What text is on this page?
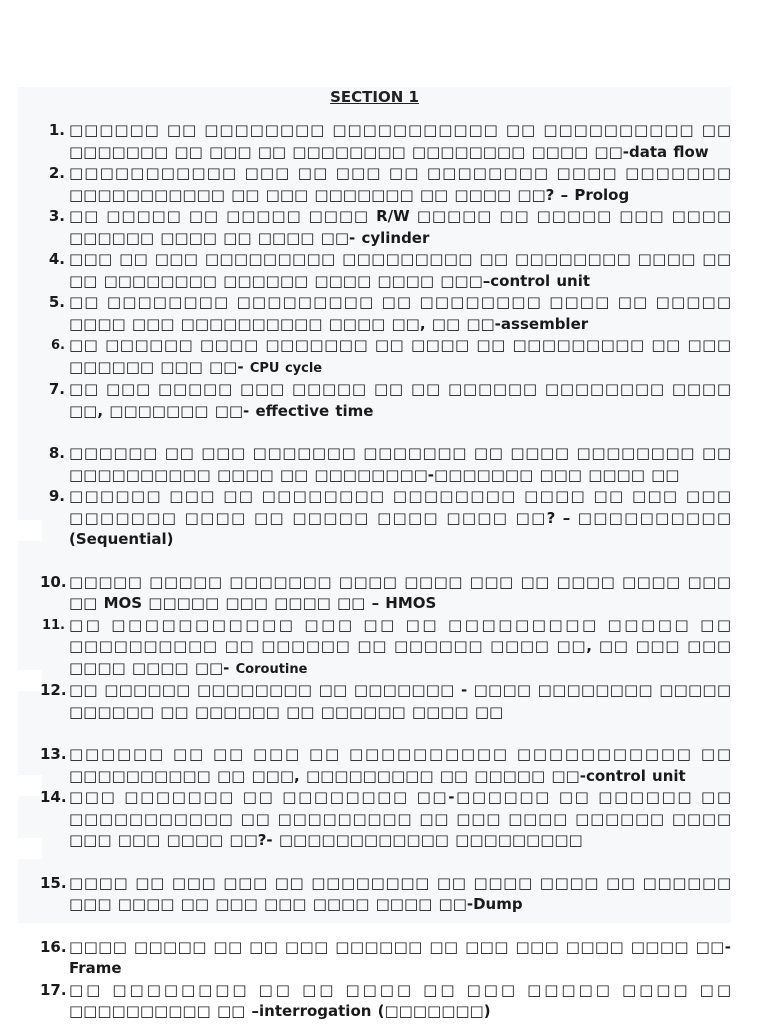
SECTION 1
1. □□□□□□ □□ □□□□□□□□ □□□□□□□□□□□ □□ □□□□□□□□□□ □□ □□□□□□□ □□ □□□ □□ □□□□□□□□ □□□□□□□□ □□□□ □□-data flow
2. □□□□□□□□□□□ □□□ □□ □□□ □□ □□□□□□□□ □□□□ □□□□□□□ □□□□□□□□□□□ □□ □□□ □□□□□□□ □□ □□□□ □□? – Prolog
3. □□ □□□□□ □□ □□□□□ □□□□ R/W □□□□□ □□ □□□□□ □□□ □□□□ □□□□□□ □□□□ □□ □□□□ □□- cylinder
4. □□□ □□ □□□ □□□□□□□□□ □□□□□□□□□ □□ □□□□□□□□ □□□□ □□ □□ □□□□□□□□ □□□□□□ □□□□ □□□□ □□□–control unit
5. □□ □□□□□□□□ □□□□□□□□□ □□ □□□□□□□□ □□□□ □□ □□□□□ □□□□ □□□ □□□□□□□□□□ □□□□ □□, □□ □□-assembler
6. □□ □□□□□□ □□□□ □□□□□□□ □□ □□□□ □□ □□□□□□□□□ □□ □□□ □□□□□□ □□□ □□- CPU cycle
7. □□ □□□ □□□□□ □□□ □□□□□ □□ □□ □□□□□□ □□□□□□□□ □□□□ □□, □□□□□□□ □□- effective time
8. □□□□□□ □□ □□□ □□□□□□□ □□□□□□□ □□ □□□□ □□□□□□□□ □□ □□□□□□□□□□ □□□□ □□ □□□□□□□□-□□□□□□□ □□□ □□□□ □□
9. □□□□□□ □□□ □□ □□□□□□□□ □□□□□□□□ □□□□ □□ □□□ □□□ □□□□□□□ □□□□ □□ □□□□□ □□□□ □□□□ □□? – □□□□□□□□□□ (Sequential)
10. □□□□□ □□□□□ □□□□□□□ □□□□ □□□□ □□□ □□ □□□□ □□□□ □□□ □□ MOS □□□□□ □□□ □□□□ □□ – HMOS
11. □□ □□□□□□□□□□□ □□□ □□ □□ □□□□□□□□□ □□□□□ □□ □□□□□□□□□□ □□ □□□□□□ □□ □□□□□□ □□□□ □□, □□ □□□ □□□ □□□□ □□□□ □□- Coroutine
12. □□ □□□□□□ □□□□□□□□ □□ □□□□□□□ - □□□□ □□□□□□□□ □□□□□ □□□□□□ □□ □□□□□□ □□ □□□□□□ □□□□ □□
13. □□□□□□ □□ □□ □□□ □□ □□□□□□□□□□ □□□□□□□□□□□ □□ □□□□□□□□□□ □□ □□□, □□□□□□□□□ □□ □□□□□ □□-control unit
14. □□□ □□□□□□□ □□ □□□□□□□□ □□-□□□□□□ □□ □□□□□□ □□ □□□□□□□□□□□ □□ □□□□□□□□□ □□ □□□ □□□□ □□□□□□ □□□□ □□□ □□□ □□□□ □□?- □□□□□□□□□□□□ □□□□□□□□□
15. □□□□ □□ □□□ □□□ □□ □□□□□□□□ □□ □□□□ □□□□ □□ □□□□□□ □□□ □□□□ □□ □□□ □□□ □□□□ □□□□ □□-Dump
16. □□□□ □□□□□ □□ □□ □□□ □□□□□□ □□ □□□ □□□ □□□□ □□□□ □□-Frame
17. □□ □□□□□□□□ □□ □□ □□□□ □□ □□□ □□□□□ □□□□ □□ □□□□□□□□□□ □□ –interrogation (□□□□□□□)
